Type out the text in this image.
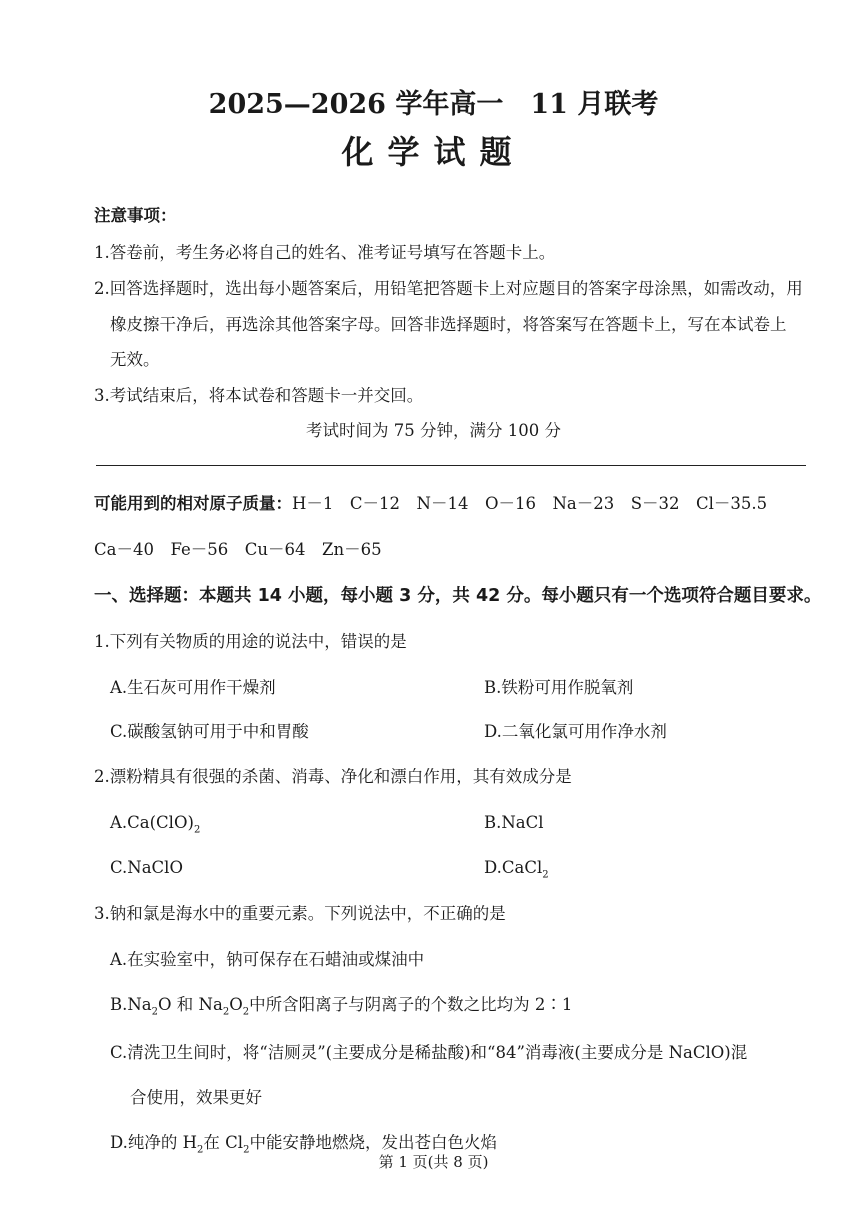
2025—2026 学年高一　11 月联考
化学试题
注意事项：
1.答卷前，考生务必将自己的姓名、准考证号填写在答题卡上。
2.回答选择题时，选出每小题答案后，用铅笔把答题卡上对应题目的答案字母涂黑，如需改动，用
橡皮擦干净后，再选涂其他答案字母。回答非选择题时，将答案写在答题卡上，写在本试卷上
无效。
3.考试结束后，将本试卷和答题卡一并交回。
考试时间为 75 分钟，满分 100 分
可能用到的相对原子质量：H－1　C－12　N－14　O－16　Na－23　S－32　Cl－35.5
Ca－40　Fe－56　Cu－64　Zn－65
一、选择题：本题共 14 小题，每小题 3 分，共 42 分。每小题只有一个选项符合题目要求。
1.下列有关物质的用途的说法中，错误的是
A.生石灰可用作干燥剂	B.铁粉可用作脱氧剂
C.碳酸氢钠可用于中和胃酸	D.二氧化氯可用作净水剂
2.漂粉精具有很强的杀菌、消毒、净化和漂白作用，其有效成分是
$A.Ca(ClO)_2$	B.NaCl
C.NaClO	D.CaCl$_2$
3.钠和氯是海水中的重要元素。下列说法中，不正确的是
A.在实验室中，钠可保存在石蜡油或煤油中
$B.Na_2O$ 和 $Na_2O_2$中所含阳离子与阴离子的个数之比均为 2∶1
C.清洗卫生间时，将“洁厕灵”(主要成分是稀盐酸)和“84”消毒液(主要成分是 NaClO)混
合使用，效果更好
D.纯净的 $H_2$在 $Cl_2$中能安静地燃烧，发出苍白色火焰
第 1 页(共 8 页)
